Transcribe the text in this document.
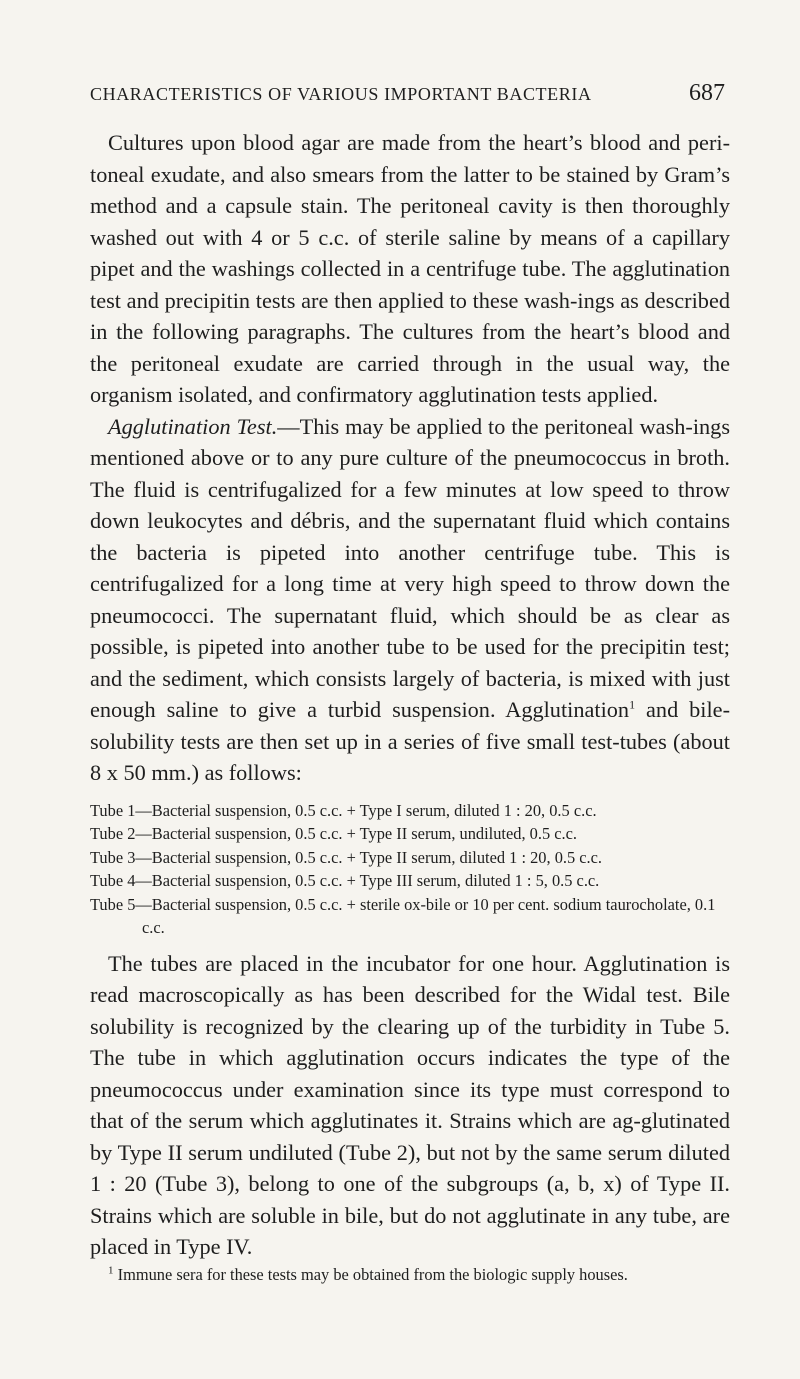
CHARACTERISTICS OF VARIOUS IMPORTANT BACTERIA	687

Cultures upon blood agar are made from the heart’s blood and peri-toneal exudate, and also smears from the latter to be stained by Gram’s method and a capsule stain. The peritoneal cavity is then thoroughly washed out with 4 or 5 c.c. of sterile saline by means of a capillary pipet and the washings collected in a centrifuge tube. The agglutination test and precipitin tests are then applied to these wash-ings as described in the following paragraphs. The cultures from the heart’s blood and the peritoneal exudate are carried through in the usual way, the organism isolated, and confirmatory agglutination tests applied.

Agglutination Test.—This may be applied to the peritoneal wash-ings mentioned above or to any pure culture of the pneumococcus in broth. The fluid is centrifugalized for a few minutes at low speed to throw down leukocytes and débris, and the supernatant fluid which contains the bacteria is pipeted into another centrifuge tube. This is centrifugalized for a long time at very high speed to throw down the pneumococci. The supernatant fluid, which should be as clear as possible, is pipeted into another tube to be used for the precipitin test; and the sediment, which consists largely of bacteria, is mixed with just enough saline to give a turbid suspension. Agglutination$^1$ and bile-solubility tests are then set up in a series of five small test-tubes (about 8 x 50 mm.) as follows:

Tube 1—Bacterial suspension, 0.5 c.c. + Type I serum, diluted 1 : 20, 0.5 c.c.
Tube 2—Bacterial suspension, 0.5 c.c. + Type II serum, undiluted, 0.5 c.c.
Tube 3—Bacterial suspension, 0.5 c.c. + Type II serum, diluted 1 : 20, 0.5 c.c.
Tube 4—Bacterial suspension, 0.5 c.c. + Type III serum, diluted 1 : 5, 0.5 c.c.
Tube 5—Bacterial suspension, 0.5 c.c. + sterile ox-bile or 10 per cent. sodium taurocholate, 0.1 c.c.

The tubes are placed in the incubator for one hour. Agglutination is read macroscopically as has been described for the Widal test. Bile solubility is recognized by the clearing up of the turbidity in Tube 5. The tube in which agglutination occurs indicates the type of the pneumococcus under examination since its type must correspond to that of the serum which agglutinates it. Strains which are ag-glutinated by Type II serum undiluted (Tube 2), but not by the same serum diluted 1 : 20 (Tube 3), belong to one of the subgroups (a, b, x) of Type II. Strains which are soluble in bile, but do not agglutinate in any tube, are placed in Type IV.

$^1$ Immune sera for these tests may be obtained from the biologic supply houses.
